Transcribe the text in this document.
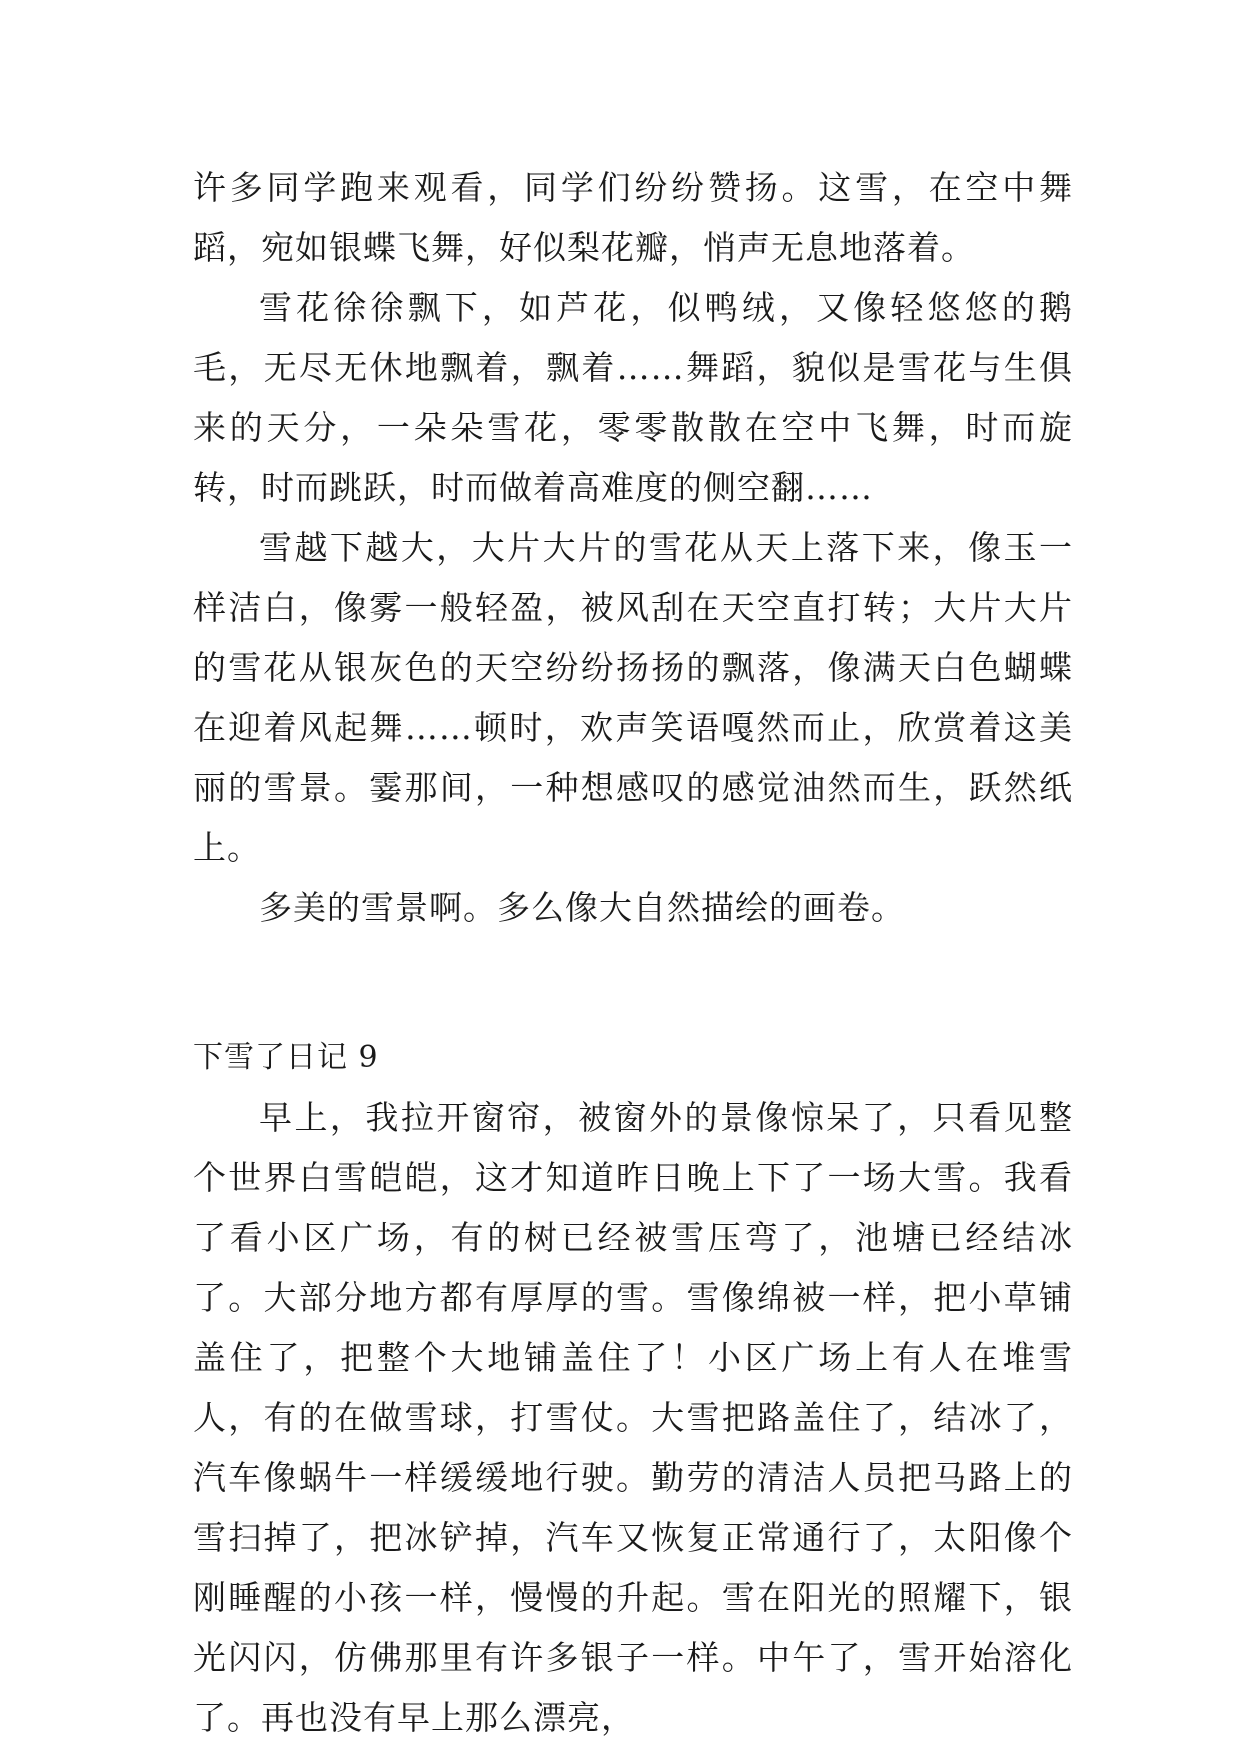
许多同学跑来观看，同学们纷纷赞扬。这雪，在空中舞蹈，宛如银蝶飞舞，好似梨花瓣，悄声无息地落着。

雪花徐徐飘下，如芦花，似鸭绒，又像轻悠悠的鹅毛，无尽无休地飘着，飘着……舞蹈，貌似是雪花与生俱来的天分，一朵朵雪花，零零散散在空中飞舞，时而旋转，时而跳跃，时而做着高难度的侧空翻……

雪越下越大，大片大片的雪花从天上落下来，像玉一样洁白，像雾一般轻盈，被风刮在天空直打转；大片大片的雪花从银灰色的天空纷纷扬扬的飘落，像满天白色蝴蝶在迎着风起舞……顿时，欢声笑语嘎然而止，欣赏着这美丽的雪景。霎那间，一种想感叹的感觉油然而生，跃然纸上。

多美的雪景啊。多么像大自然描绘的画卷。

下雪了日记 9

早上，我拉开窗帘，被窗外的景像惊呆了，只看见整个世界白雪皑皑，这才知道昨日晚上下了一场大雪。我看了看小区广场，有的树已经被雪压弯了，池塘已经结冰了。大部分地方都有厚厚的雪。雪像绵被一样，把小草铺盖住了，把整个大地铺盖住了！小区广场上有人在堆雪人，有的在做雪球，打雪仗。大雪把路盖住了，结冰了，汽车像蜗牛一样缓缓地行驶。勤劳的清洁人员把马路上的雪扫掉了，把冰铲掉，汽车又恢复正常通行了，太阳像个刚睡醒的小孩一样，慢慢的升起。雪在阳光的照耀下，银光闪闪，仿佛那里有许多银子一样。中午了，雪开始溶化了。再也没有早上那么漂亮，
